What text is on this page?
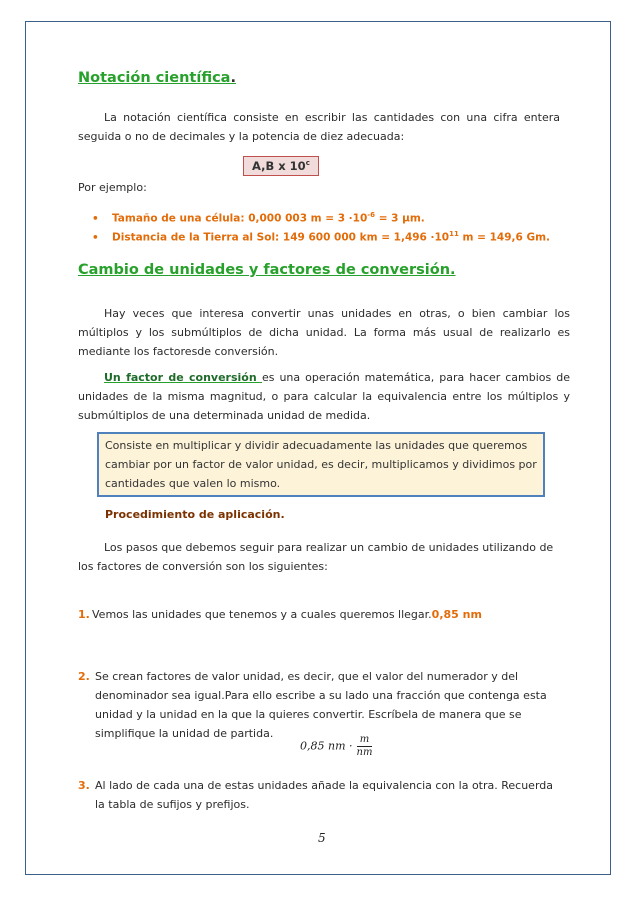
Notación científica.
La notación científica consiste en escribir las cantidades con una cifra entera seguida o no de decimales y la potencia de diez adecuada:
A,B x 10$^c$
Por ejemplo:
• Tamaño de una célula: 0,000 003 $m = 3 \cdot 10^{-6} = 3$ µm.
• Distancia de la Tierra al Sol: 149 600 000 km = $1,496 \cdot 10^{11}$ m = 149,6 Gm.
Cambio de unidades y factores de conversión.
Hay veces que interesa convertir unas unidades en otras, o bien cambiar los múltiplos y los submúltiplos de dicha unidad. La forma más usual de realizarlo es mediante los factoresde conversión.
Un factor de conversión es una operación matemática, para hacer cambios de unidades de la misma magnitud, o para calcular la equivalencia entre los múltiplos y submúltiplos de una determinada unidad de medida.
Consiste en multiplicar y dividir adecuadamente las unidades que queremos cambiar por un factor de valor unidad, es decir, multiplicamos y dividimos por cantidades que valen lo mismo.
Procedimiento de aplicación.
Los pasos que debemos seguir para realizar un cambio de unidades utilizando de los factores de conversión son los siguientes:
1. Vemos las unidades que tenemos y a cuales queremos llegar.0,85 nm
2. Se crean factores de valor unidad, es decir, que el valor del numerador y del denominador sea igual.Para ello escribe a su lado una fracción que contenga esta unidad y la unidad en la que la quieres convertir. Escríbela de manera que se simplifique la unidad de partida.
0,85 nm · $\frac{m}{nm}$
3. Al lado de cada una de estas unidades añade la equivalencia con la otra. Recuerda la tabla de sufijos y prefijos.
5
